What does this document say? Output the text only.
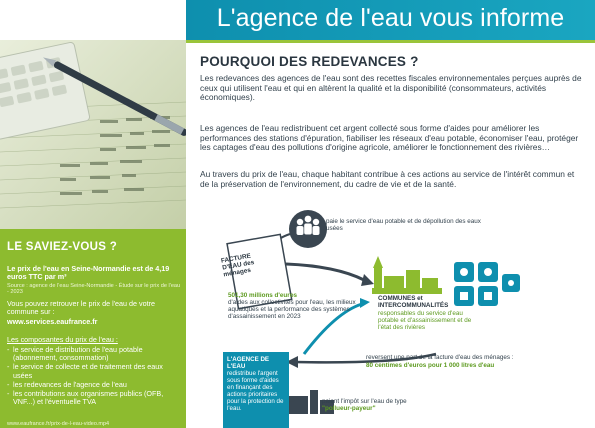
L'agence de l'eau vous informe
LE SAVIEZ-VOUS ?
Le prix de l'eau en Seine-Normandie est de 4,19 euros TTC par m³
Source : agence de l'eau Seine-Normandie - Étude sur le prix de l'eau - 2023
Vous pouvez retrouver le prix de l'eau de votre commune sur :
www.services.eaufrance.fr
Les composantes du prix de l'eau :
- le service de distribution de l'eau potable (abonnement, consommation)
- le service de collecte et de traitement des eaux usées
- les redevances de l'agence de l'eau
- les contributions aux organismes publics (OFB, VNF...) et l'éventuelle TVA
www.eaufrance.fr/prix-de-l-eau-video.mp4
POURQUOI DES REDEVANCES ?
Les redevances des agences de l'eau sont des recettes fiscales environnementales perçues auprès de ceux qui utilisent l'eau et qui en altèrent la qualité et la disponibilité (consommateurs, activités économiques).
Les agences de l'eau redistribuent cet argent collecté sous forme d'aides pour améliorer les performances des stations d'épuration, fiabiliser les réseaux d'eau potable, économiser l'eau, protéger les captages d'eau des pollutions d'origine agricole, améliorer le fonctionnement des rivières…
Au travers du prix de l'eau, chaque habitant contribue à ces actions au service de l'intérêt commun et de la préservation de l'environnement, du cadre de vie et de la santé.
FACTURE D'EAU des ménages
paie le service d'eau potable et de dépollution des eaux usées
501,30 millions d'euros
d'aides aux collectivités pour l'eau, les milieux aquatiques et la performance des systèmes d'assainissement en 2023
COMMUNES et INTERCOMMUNALITÉS
responsables du service d'eau potable et d'assainissement et de l'état des rivières
reversent une part de la facture d'eau des ménages :
80 centimes d'euros pour 1 000 litres d'eau
L'AGENCE DE L'EAU
redistribue l'argent sous forme d'aides en finançant des actions prioritaires pour la protection de l'eau.
paient l'impôt sur l'eau de type
"pollueur-payeur"
